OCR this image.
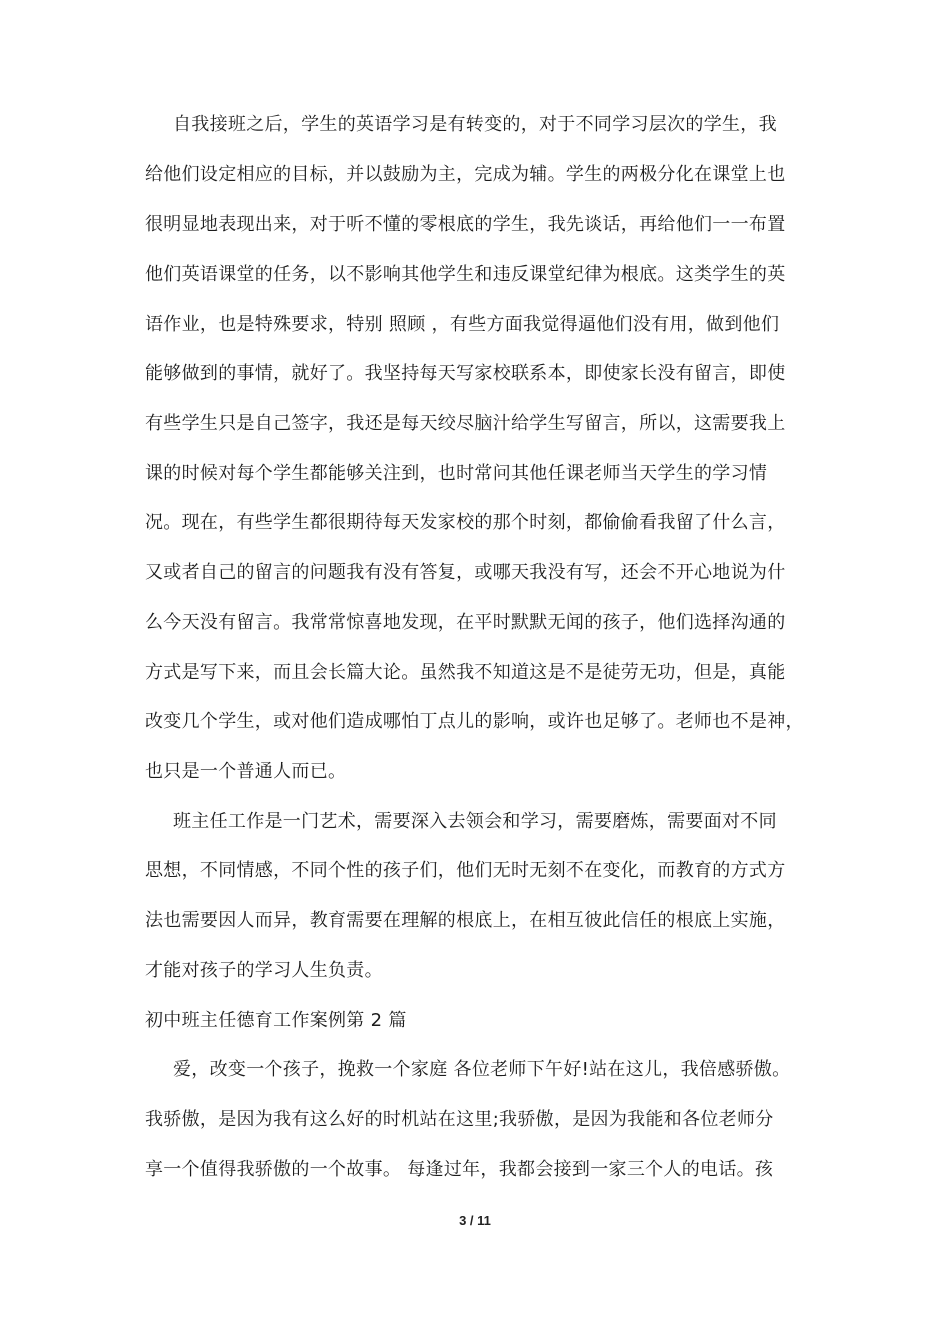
自我接班之后，学生的英语学习是有转变的，对于不同学习层次的学生，我

给他们设定相应的目标，并以鼓励为主，完成为辅。学生的两极分化在课堂上也

很明显地表现出来，对于听不懂的零根底的学生，我先谈话，再给他们一一布置

他们英语课堂的任务，以不影响其他学生和违反课堂纪律为根底。这类学生的英

语作业，也是特殊要求，特别 照顾 ，有些方面我觉得逼他们没有用，做到他们

能够做到的事情，就好了。我坚持每天写家校联系本，即使家长没有留言，即使

有些学生只是自己签字，我还是每天绞尽脑汁给学生写留言，所以，这需要我上

课的时候对每个学生都能够关注到，也时常问其他任课老师当天学生的学习情

况。现在，有些学生都很期待每天发家校的那个时刻，都偷偷看我留了什么言，

又或者自己的留言的问题我有没有答复，或哪天我没有写，还会不开心地说为什

么今天没有留言。我常常惊喜地发现，在平时默默无闻的孩子，他们选择沟通的

方式是写下来，而且会长篇大论。虽然我不知道这是不是徒劳无功，但是，真能

改变几个学生，或对他们造成哪怕丁点儿的影响，或许也足够了。老师也不是神，

也只是一个普通人而已。

班主任工作是一门艺术，需要深入去领会和学习，需要磨炼，需要面对不同

思想，不同情感，不同个性的孩子们，他们无时无刻不在变化，而教育的方式方

法也需要因人而异，教育需要在理解的根底上，在相互彼此信任的根底上实施，

才能对孩子的学习人生负责。

初中班主任德育工作案例第 2 篇

爱，改变一个孩子，挽救一个家庭 各位老师下午好!站在这儿，我倍感骄傲。

我骄傲，是因为我有这么好的时机站在这里;我骄傲，是因为我能和各位老师分

享一个值得我骄傲的一个故事。 每逢过年，我都会接到一家三个人的电话。孩

3 / 11
